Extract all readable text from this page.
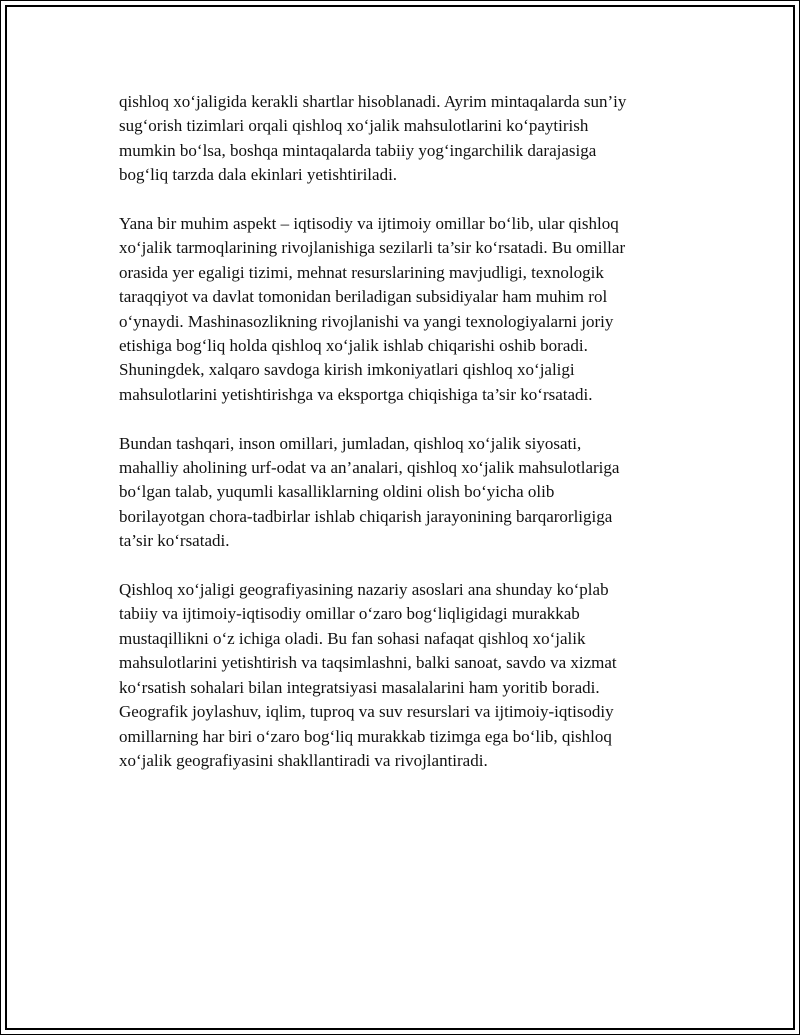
qishloq xo‘jaligida kerakli shartlar hisoblanadi. Ayrim mintaqalarda sun’iy
sug‘orish tizimlari orqali qishloq xo‘jalik mahsulotlarini ko‘paytirish
mumkin bo‘lsa, boshqa mintaqalarda tabiiy yog‘ingarchilik darajasiga
bog‘liq tarzda dala ekinlari yetishtiriladi.

Yana bir muhim aspekt – iqtisodiy va ijtimoiy omillar bo‘lib, ular qishloq
xo‘jalik tarmoqlarining rivojlanishiga sezilarli ta’sir ko‘rsatadi. Bu omillar
orasida yer egaligi tizimi, mehnat resurslarining mavjudligi, texnologik
taraqqiyot va davlat tomonidan beriladigan subsidiyalar ham muhim rol
o‘ynaydi. Mashinasozlikning rivojlanishi va yangi texnologiyalarni joriy
etishiga bog‘liq holda qishloq xo‘jalik ishlab chiqarishi oshib boradi.
Shuningdek, xalqaro savdoga kirish imkoniyatlari qishloq xo‘jaligi
mahsulotlarini yetishtirishga va eksportga chiqishiga ta’sir ko‘rsatadi.

Bundan tashqari, inson omillari, jumladan, qishloq xo‘jalik siyosati,
mahalliy aholining urf-odat va an’analari, qishloq xo‘jalik mahsulotlariga
bo‘lgan talab, yuqumli kasalliklarning oldini olish bo‘yicha olib
borilayotgan chora-tadbirlar ishlab chiqarish jarayonining barqarorligiga
ta’sir ko‘rsatadi.

Qishloq xo‘jaligi geografiyasining nazariy asoslari ana shunday ko‘plab
tabiiy va ijtimoiy-iqtisodiy omillar o‘zaro bog‘liqligidagi murakkab
mustaqillikni o‘z ichiga oladi. Bu fan sohasi nafaqat qishloq xo‘jalik
mahsulotlarini yetishtirish va taqsimlashni, balki sanoat, savdo va xizmat
ko‘rsatish sohalari bilan integratsiyasi masalalarini ham yoritib boradi.
Geografik joylashuv, iqlim, tuproq va suv resurslari va ijtimoiy-iqtisodiy
omillarning har biri o‘zaro bog‘liq murakkab tizimga ega bo‘lib, qishloq
xo‘jalik geografiyasini shakllantiradi va rivojlantiradi.
